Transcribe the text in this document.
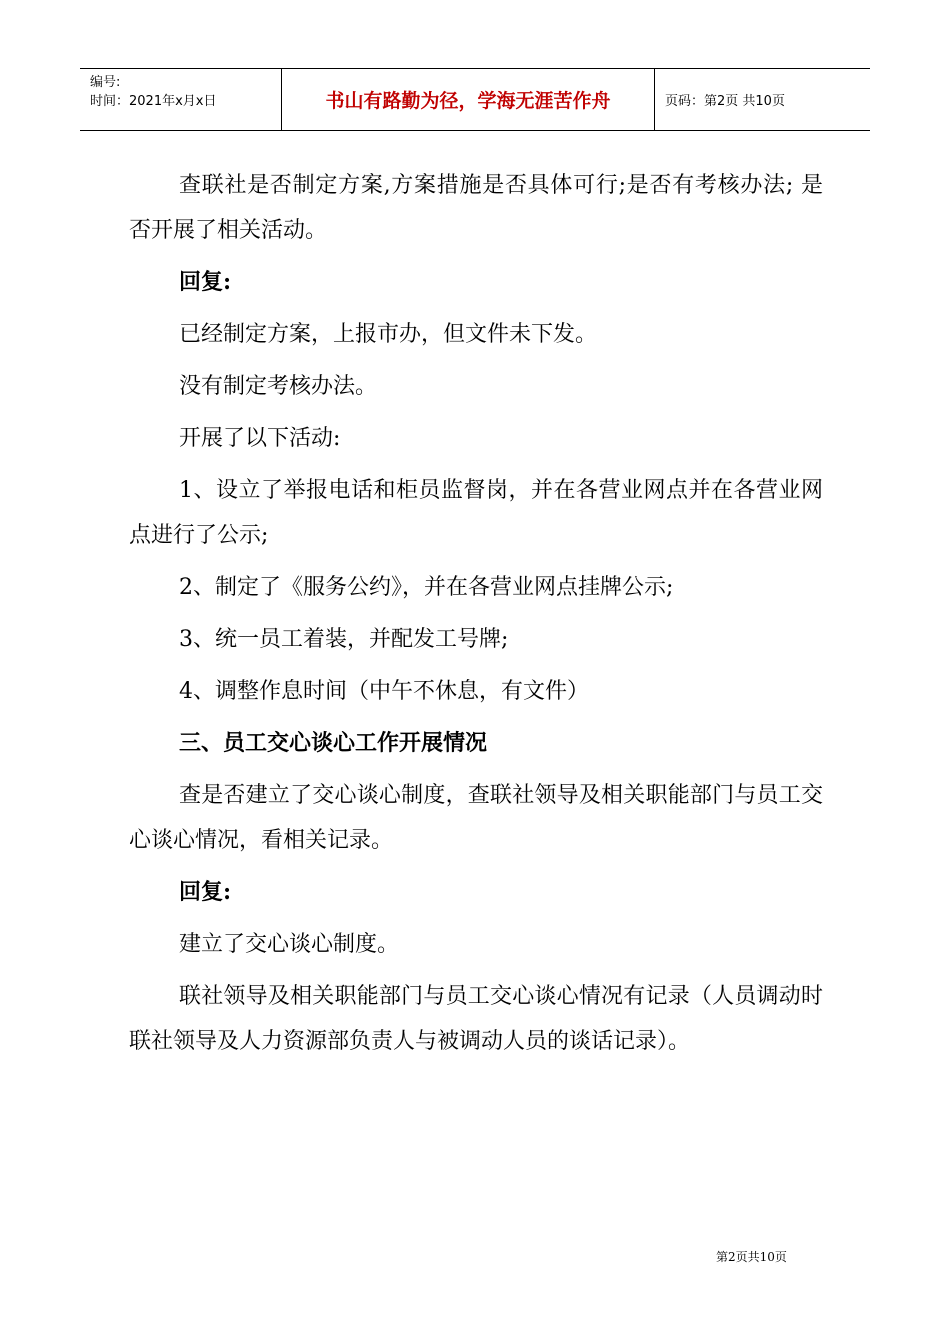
编号:
时间：2021年x月x日	书山有路勤为径，学海无涯苦作舟	页码：第2页 共10页

查联社是否制定方案,方案措施是否具体可行;是否有考核办法; 是否开展了相关活动。

回复:

已经制定方案，上报市办，但文件未下发。

没有制定考核办法。

开展了以下活动:

1、设立了举报电话和柜员监督岗，并在各营业网点并在各营业网点进行了公示;

2、制定了《服务公约》，并在各营业网点挂牌公示;

3、统一员工着装，并配发工号牌;

4、调整作息时间（中午不休息，有文件）

三、员工交心谈心工作开展情况

查是否建立了交心谈心制度，查联社领导及相关职能部门与员工交心谈心情况，看相关记录。

回复:

建立了交心谈心制度。

联社领导及相关职能部门与员工交心谈心情况有记录（人员调动时联社领导及人力资源部负责人与被调动人员的谈话记录）。

第2页共10页
